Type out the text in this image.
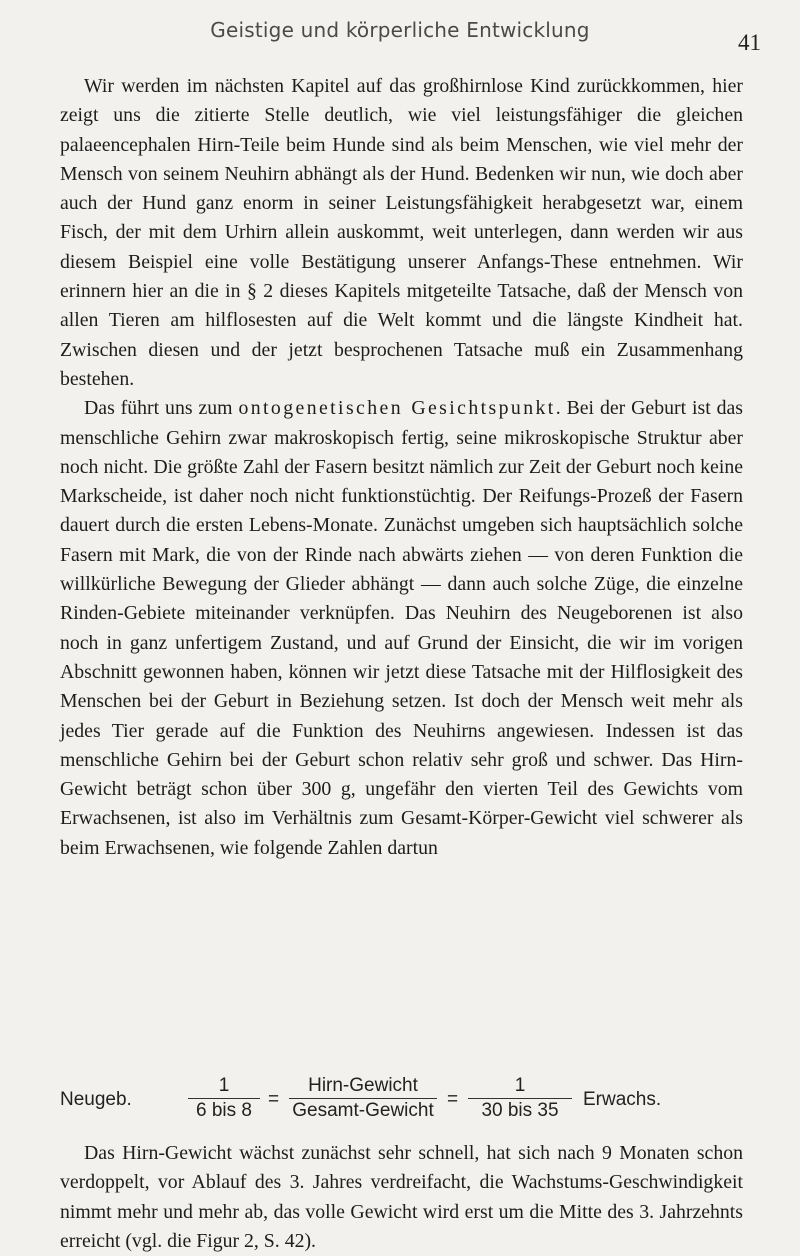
Geistige und körperliche Entwicklung	41

Wir werden im nächsten Kapitel auf das großhirnlose Kind zurückkommen, hier zeigt uns die zitierte Stelle deutlich, wie viel leistungsfähiger die gleichen palaeencephalen Hirn-Teile beim Hunde sind als beim Menschen, wie viel mehr der Mensch von seinem Neuhirn abhängt als der Hund. Bedenken wir nun, wie doch aber auch der Hund ganz enorm in seiner Leistungsfähigkeit herabgesetzt war, einem Fisch, der mit dem Urhirn allein auskommt, weit unterlegen, dann werden wir aus diesem Beispiel eine volle Bestätigung unserer Anfangs-These entnehmen. Wir erinnern hier an die in § 2 dieses Kapitels mitgeteilte Tatsache, daß der Mensch von allen Tieren am hilflosesten auf die Welt kommt und die längste Kindheit hat. Zwischen diesen und der jetzt besprochenen Tatsache muß ein Zusammenhang bestehen.

Das führt uns zum ontogenetischen Gesichtspunkt. Bei der Geburt ist das menschliche Gehirn zwar makroskopisch fertig, seine mikroskopische Struktur aber noch nicht. Die größte Zahl der Fasern besitzt nämlich zur Zeit der Geburt noch keine Markscheide, ist daher noch nicht funktionstüchtig. Der Reifungs-Prozeß der Fasern dauert durch die ersten Lebens-Monate. Zunächst umgeben sich hauptsächlich solche Fasern mit Mark, die von der Rinde nach abwärts ziehen — von deren Funktion die willkürliche Bewegung der Glieder abhängt — dann auch solche Züge, die einzelne Rinden-Gebiete miteinander verknüpfen. Das Neuhirn des Neugeborenen ist also noch in ganz unfertigem Zustand, und auf Grund der Einsicht, die wir im vorigen Abschnitt gewonnen haben, können wir jetzt diese Tatsache mit der Hilflosigkeit des Menschen bei der Geburt in Beziehung setzen. Ist doch der Mensch weit mehr als jedes Tier gerade auf die Funktion des Neuhirns angewiesen. Indessen ist das menschliche Gehirn bei der Geburt schon relativ sehr groß und schwer. Das Hirn-Gewicht beträgt schon über 300 g, ungefähr den vierten Teil des Gewichts vom Erwachsenen, ist also im Verhältnis zum Gesamt-Körper-Gewicht viel schwerer als beim Erwachsenen, wie folgende Zahlen dartun

Neugeb.
1
6 bis 8
=
Hirn-Gewicht
Gesamt-Gewicht
=
1
30 bis 35
Erwachs.

Das Hirn-Gewicht wächst zunächst sehr schnell, hat sich nach 9 Monaten schon verdoppelt, vor Ablauf des 3. Jahres verdreifacht, die Wachstums-Geschwindigkeit nimmt mehr und mehr ab, das volle Gewicht wird erst um die Mitte des 3. Jahrzehnts erreicht (vgl. die Figur 2, S. 42).
